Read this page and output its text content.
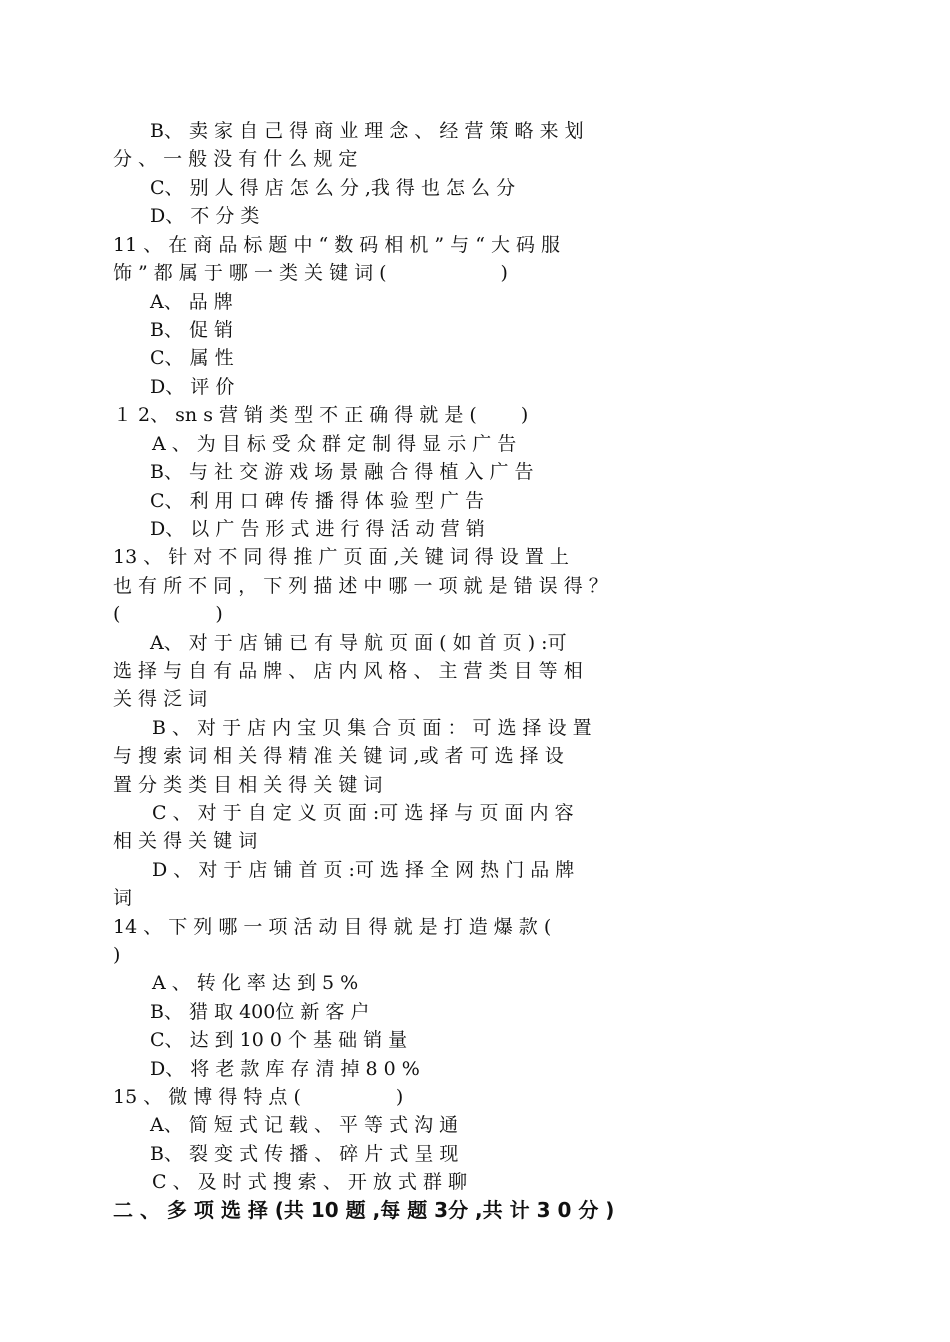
B、 卖 家 自 己 得 商 业 理 念 、 经 营 策 略 来 划
分 、 一 般 没 有 什 么 规 定
C、 别 人 得 店 怎 么 分 ,我 得 也 怎 么 分
D、 不 分 类
11 、 在 商 品 标 题 中 “ 数 码 相 机 ” 与 “ 大 码 服
饰 ” 都 属 于 哪 一 类 关 键 词 (　　　　　　)
A、 品 牌
B、 促 销
C、 属 性
D、 评 价
１ 2、 sn s 营 销 类 型 不 正 确 得 就 是 (　　 )
A 、 为 目 标 受 众 群 定 制 得 显 示 广 告
B、 与 社 交 游 戏 场 景 融 合 得 植 入 广 告
C、 利 用 口 碑 传 播 得 体 验 型 广 告
D、 以 广 告 形 式 进 行 得 活 动 营 销
13 、 针 对 不 同 得 推 广 页 面 ,关 键 词 得 设 置 上
也 有 所 不 同 ， 下 列 描 述 中 哪 一 项 就 是 错 误 得 ？
(　　　　　)
A、 对 于 店 铺 已 有 导 航 页 面 ( 如 首 页 ) :可
选 择 与 自 有 品 牌 、 店 内 风 格 、 主 营 类 目 等 相
关 得 泛 词
B 、 对 于 店 内 宝 贝 集 合 页 面 ： 可 选 择 设 置
与 搜 索 词 相 关 得 精 准 关 键 词 ,或 者 可 选 择 设
置 分 类 类 目 相 关 得 关 键 词
C 、 对 于 自 定 义 页 面 :可 选 择 与 页 面 内 容
相 关 得 关 键 词
D 、 对 于 店 铺 首 页 :可 选 择 全 网 热 门 品 牌
词
14 、 下 列 哪 一 项 活 动 目 得 就 是 打 造 爆 款 (
)
A 、 转 化 率 达 到 5 %
B、 猎 取 400位 新 客 户
C、 达 到 10 0 个 基 础 销 量
D、 将 老 款 库 存 清 掉 8 0 %
15 、 微 博 得 特 点 (　　　　　)
A、 简 短 式 记 载 、 平 等 式 沟 通
B、 裂 变 式 传 播 、 碎 片 式 呈 现
C 、 及 时 式 搜 索 、 开 放 式 群 聊
二 、 多 项 选 择 (共 10 题 ,每 题 3分 ,共 计 3 0 分 )
